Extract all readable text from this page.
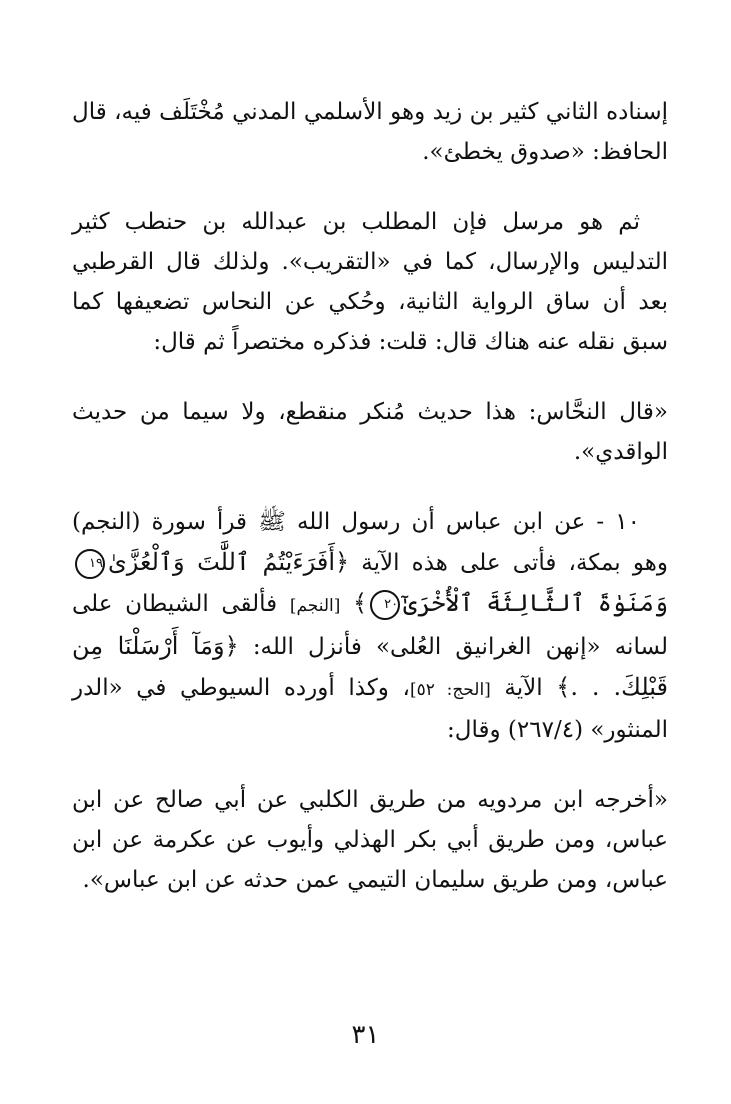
إسناده الثاني كثير بن زيد وهو الأسلمي المدني مُخْتَلَف فيه، قال الحافظ: «صدوق يخطئ».

ثم هو مرسل فإن المطلب بن عبدالله بن حنطب كثير التدليس والإرسال، كما في «التقريب». ولذلك قال القرطبي بعد أن ساق الرواية الثانية، وحُكي عن النحاس تضعيفها كما سبق نقله عنه هناك قال: قلت: فذكره مختصراً ثم قال:

«قال النحَّاس: هذا حديث مُنكر منقطع، ولا سيما من حديث الواقدي».

١٠ - عن ابن عباس أن رسول الله ﷺ قرأ سورة (النجم) وهو بمكة، فأتى على هذه الآية ﴿أَفَرَءَيْتُمُ ٱللَّٰتَ وَٱلْعُزَّىٰ١٩وَمَنَوٰةَ ٱلثَّالِثَةَ ٱلْأُخْرَىٰٓ٢٠﴾ [النجم] فألقى الشيطان على لسانه «إنهن الغرانيق العُلى» فأنزل الله: ﴿وَمَآ أَرْسَلْنَا مِن قَبْلِكَ. . .﴾ الآية [الحج: ٥٢]، وكذا أورده السيوطي في «الدر المنثور» (٢٦٧/٤) وقال:

«أخرجه ابن مردويه من طريق الكلبي عن أبي صالح عن ابن عباس، ومن طريق أبي بكر الهذلي وأيوب عن عكرمة عن ابن عباس، ومن طريق سليمان التيمي عمن حدثه عن ابن عباس».

٣١
